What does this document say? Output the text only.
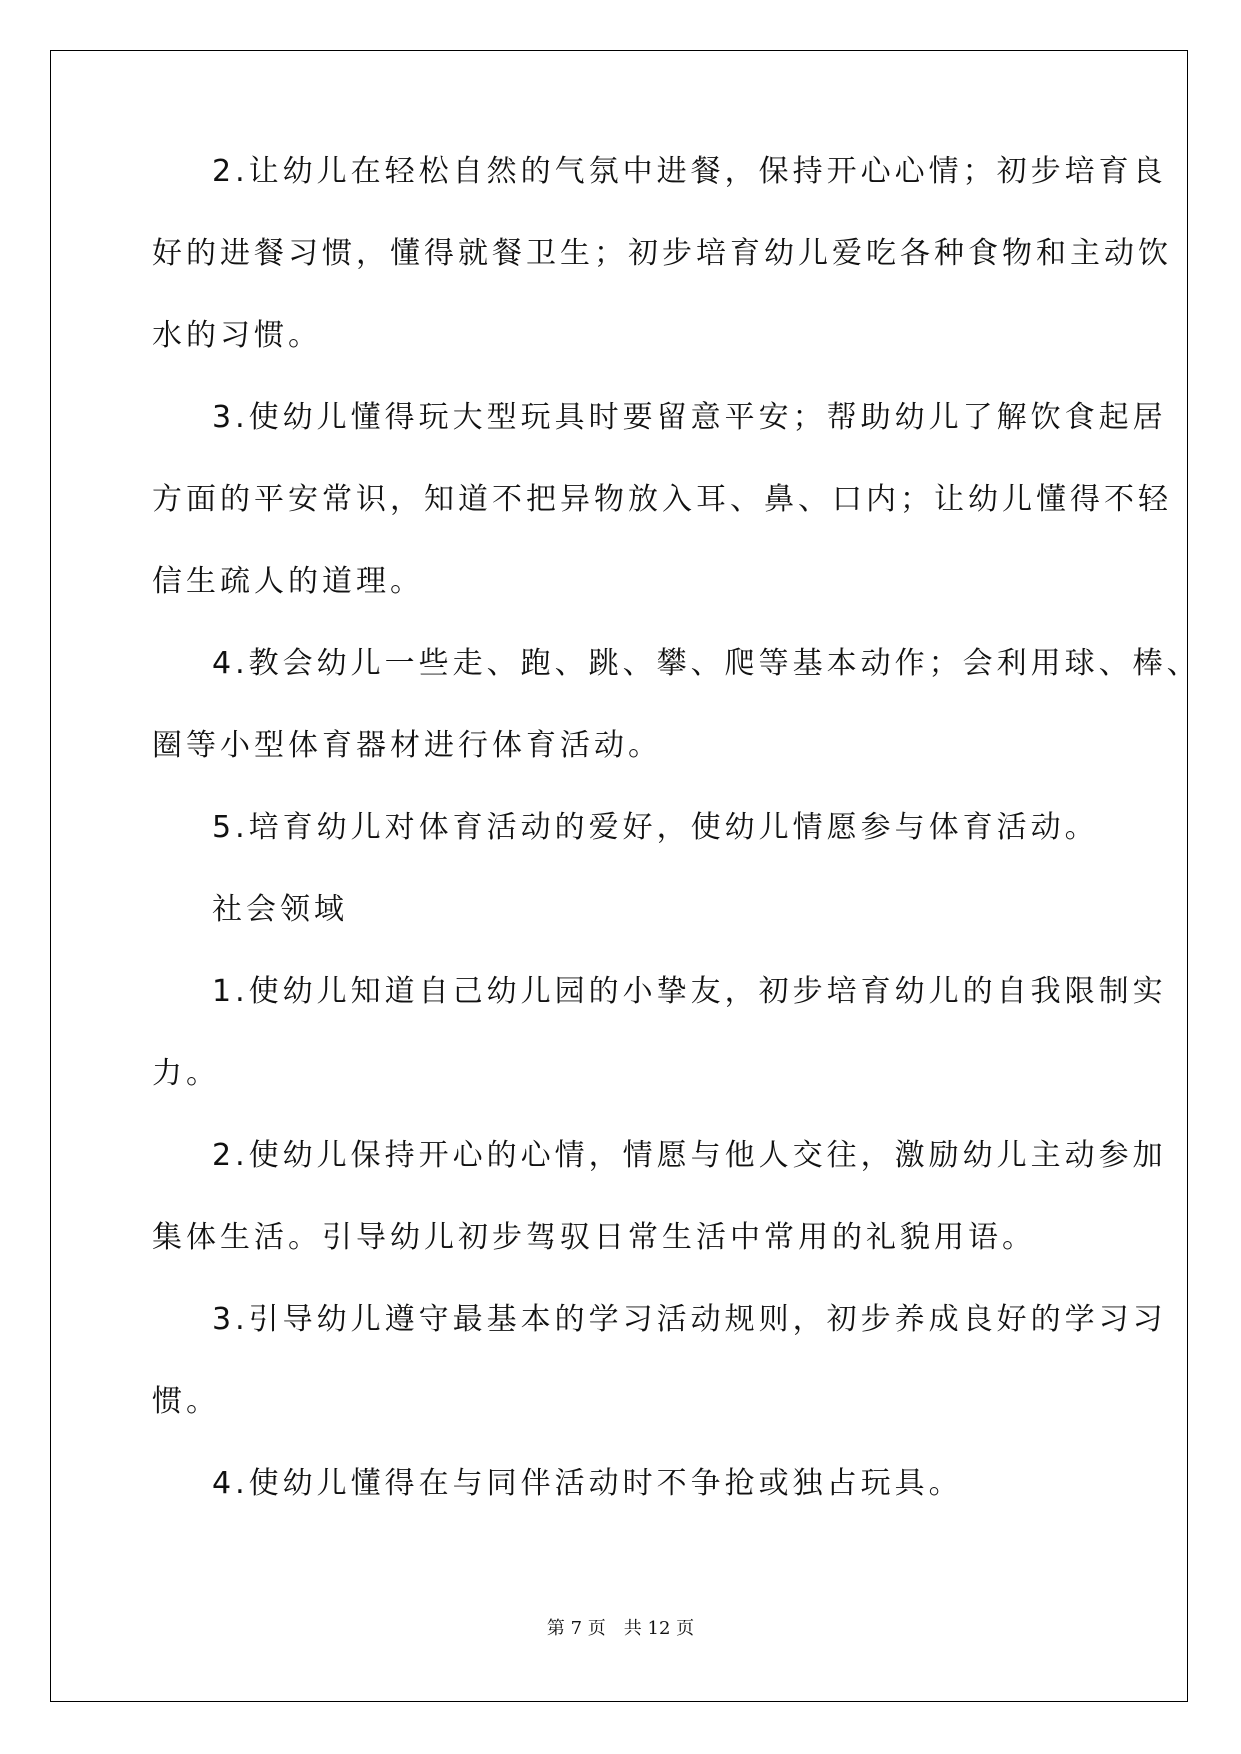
2.让幼儿在轻松自然的气氛中进餐，保持开心心情；初步培育良
好的进餐习惯，懂得就餐卫生；初步培育幼儿爱吃各种食物和主动饮
水的习惯。
3.使幼儿懂得玩大型玩具时要留意平安；帮助幼儿了解饮食起居
方面的平安常识，知道不把异物放入耳、鼻、口内；让幼儿懂得不轻
信生疏人的道理。
4.教会幼儿一些走、跑、跳、攀、爬等基本动作；会利用球、棒、
圈等小型体育器材进行体育活动。
5.培育幼儿对体育活动的爱好，使幼儿情愿参与体育活动。
社会领域
1.使幼儿知道自己幼儿园的小挚友，初步培育幼儿的自我限制实
力。
2.使幼儿保持开心的心情，情愿与他人交往，激励幼儿主动参加
集体生活。引导幼儿初步驾驭日常生活中常用的礼貌用语。
3.引导幼儿遵守最基本的学习活动规则，初步养成良好的学习习
惯。
4.使幼儿懂得在与同伴活动时不争抢或独占玩具。
第 7 页　共 12 页
